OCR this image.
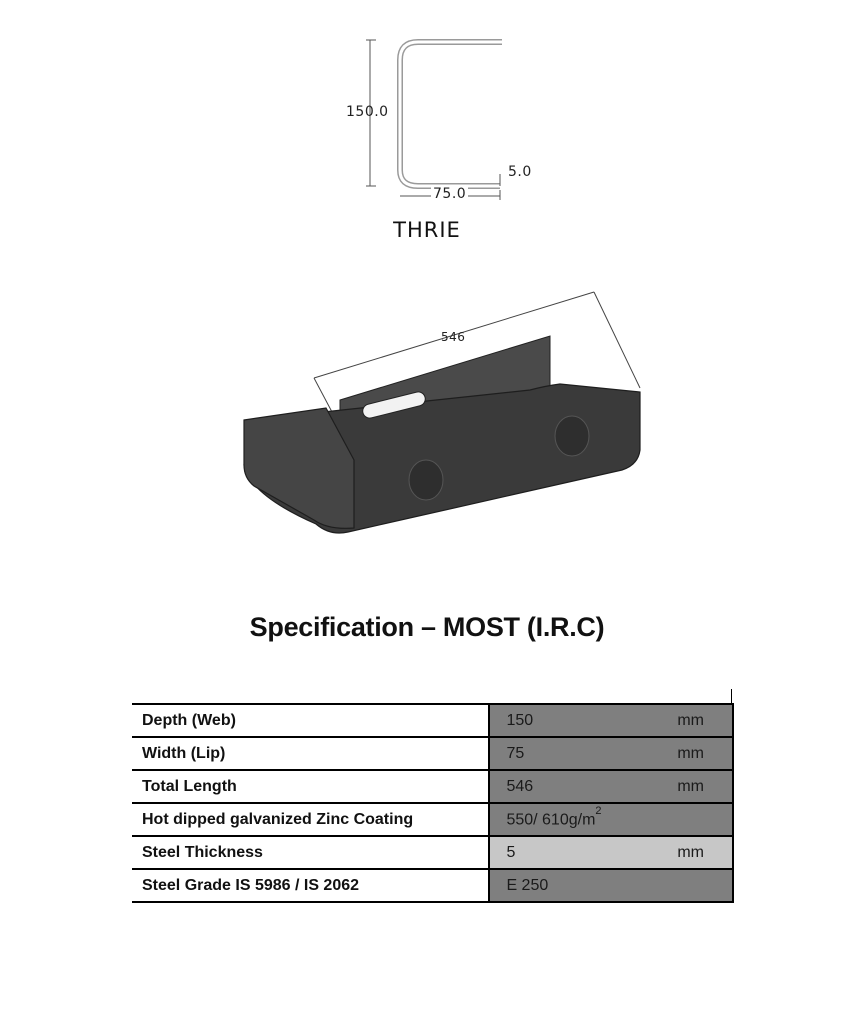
150.0
75.0
5.0
THRIE
546
Specification – MOST (I.R.C)
Depth (Web)	150	mm
Width (Lip)	75	mm
Total Length	546	mm
Hot dipped galvanized Zinc Coating	550/ $610g/m^2$	
Steel Thickness	5	mm
Steel Grade IS 5986 / IS 2062	E 250	
